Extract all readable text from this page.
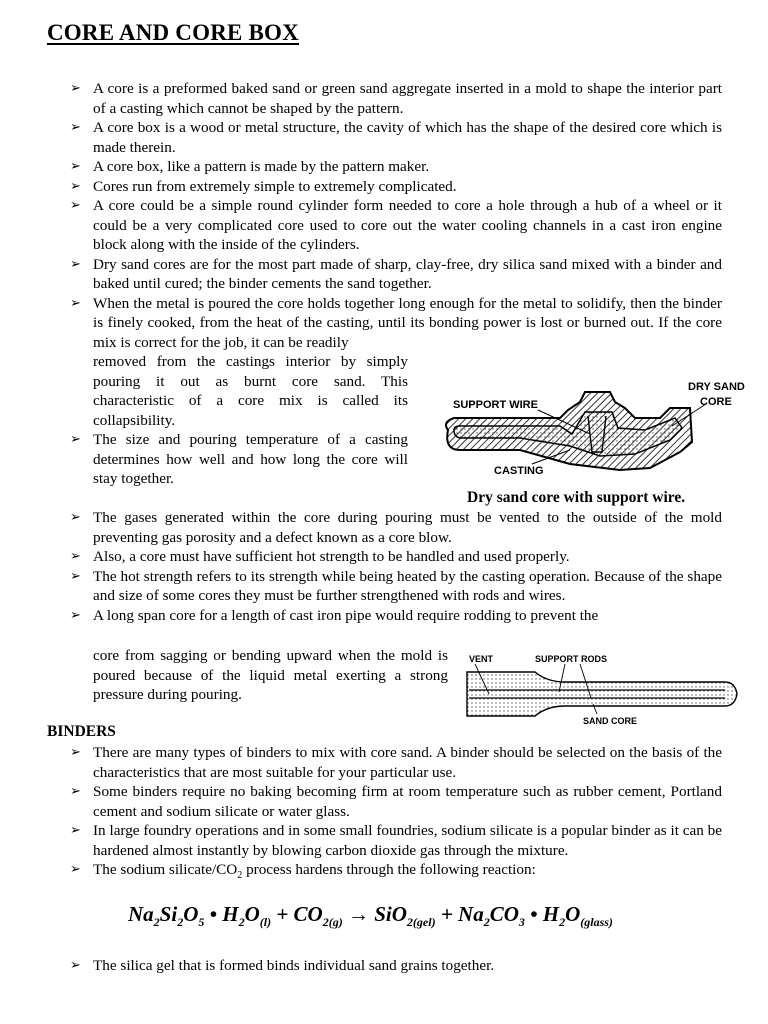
CORE AND CORE BOX
➢ A core is a preformed baked sand or green sand aggregate inserted in a mold to shape the interior part of a casting which cannot be shaped by the pattern.
➢ A core box is a wood or metal structure, the cavity of which has the shape of the desired core which is made therein.
➢ A core box, like a pattern is made by the pattern maker.
➢ Cores run from extremely simple to extremely complicated.
➢ A core could be a simple round cylinder form needed to core a hole through a hub of a wheel or it could be a very complicated core used to core out the water cooling channels in a cast iron engine block along with the inside of the cylinders.
➢ Dry sand cores are for the most part made of sharp, clay-free, dry silica sand mixed with a binder and baked until cured; the binder cements the sand together.
➢ When the metal is poured the core holds together long enough for the metal to solidify, then the binder is finely cooked, from the heat of the casting, until its bonding power is lost or burned out. If the core mix is correct for the job, it can be readily

removed from the castings interior by simply pouring it out as burnt core sand. This characteristic of a core mix is called its collapsibility.

➢ The size and pouring temperature of a casting determines how well and how long the core will stay together.
SUPPORT WIRE
DRY SAND
CORE
CASTING

Dry sand core with support wire.

➢ The gases generated within the core during pouring must be vented to the outside of the mold preventing gas porosity and a defect known as a core blow.
➢ Also, a core must have sufficient hot strength to be handled and used properly.
➢ The hot strength refers to its strength while being heated by the casting operation. Because of the shape and size of some cores they must be further strengthened with rods and wires.
➢ A long span core for a length of cast iron pipe would require rodding to prevent the

core from sagging or bending upward when the mold is poured because of the liquid metal exerting a strong pressure during pouring.

VENT	SUPPORT RODS
SAND CORE

BINDERS

➢ There are many types of binders to mix with core sand. A binder should be selected on the basis of the characteristics that are most suitable for your particular use.
➢ Some binders require no baking becoming firm at room temperature such as rubber cement, Portland cement and sodium silicate or water glass.
➢ In large foundry operations and in some small foundries, sodium silicate is a popular binder as it can be hardened almost instantly by blowing carbon dioxide gas through the mixture.
➢ The sodium silicate/$CO_2$ process hardens through the following reaction:

$Na_2Si_2O_5$ • $H_2O_{(l)} + CO_{2(g)} \to SiO_{2(gel)} + Na_2CO_3$ • $H_2O_{(glass)}$

➢ The silica gel that is formed binds individual sand grains together.
